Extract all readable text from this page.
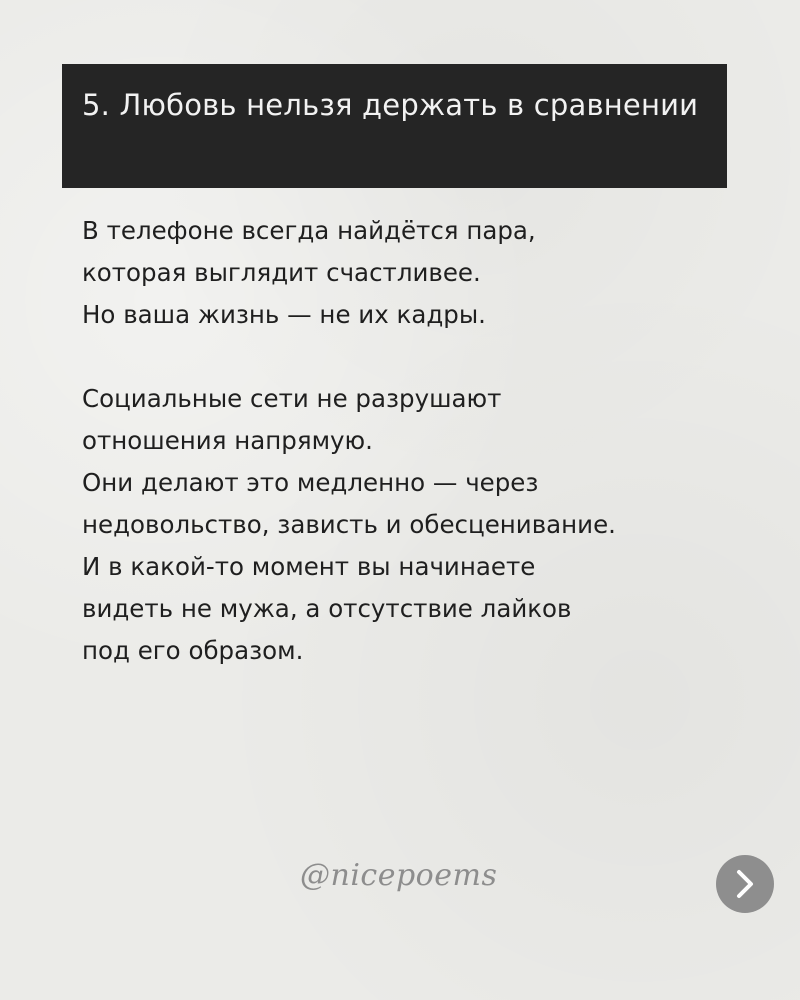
5. Любовь нельзя держать в сравнении

В телефоне всегда найдётся пара,
которая выглядит счастливее.
Но ваша жизнь — не их кадры.

Социальные сети не разрушают
отношения напрямую.
Они делают это медленно — через
недовольство, зависть и обесценивание.
И в какой-то момент вы начинаете
видеть не мужа, а отсутствие лайков
под его образом.

@nicepoems
